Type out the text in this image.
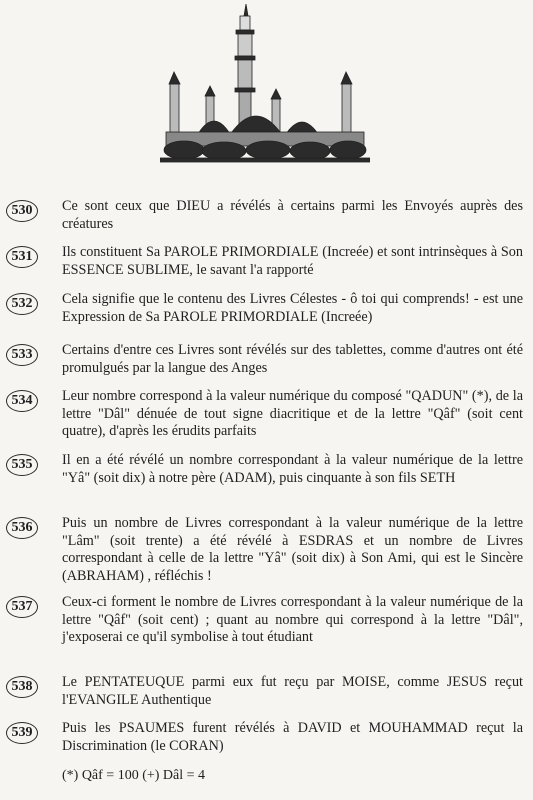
530	Ce sont ceux que DIEU a révélés à certains parmi les Envoyés auprès des créatures
531	Ils constituent Sa PAROLE PRIMORDIALE (Increée) et sont intrinsèques à Son ESSENCE SUBLIME, le savant l'a rapporté
532	Cela signifie que le contenu des Livres Célestes - ô toi qui comprends! - est une Expression de Sa PAROLE PRIMORDIALE (Increée)
533	Certains d'entre ces Livres sont révélés sur des tablettes, comme d'autres ont été promulgués par la langue des Anges
534	Leur nombre correspond à la valeur numérique du composé "QADUN" (*), de la lettre "Dâl" dénuée de tout signe diacritique et de la lettre "Qâf" (soit cent quatre), d'après les érudits parfaits
535	Il en a été révélé un nombre correspondant à la valeur numérique de la lettre "Yâ" (soit dix) à notre père (ADAM), puis cinquante à son fils SETH
536	Puis un nombre de Livres correspondant à la valeur numérique de la lettre "Lâm" (soit trente) a été révélé à ESDRAS et un nombre de Livres correspondant à celle de la lettre "Yâ" (soit dix) à Son Ami, qui est le Sincère (ABRAHAM) , réfléchis !
537	Ceux-ci forment le nombre de Livres correspondant à la valeur numérique de la lettre "Qâf" (soit cent) ; quant au nombre qui correspond à la lettre "Dâl", j'exposerai ce qu'il symbolise à tout étudiant
538	Le PENTATEUQUE parmi eux fut reçu par MOISE, comme JESUS reçut l'EVANGILE Authentique
539	Puis les PSAUMES furent révélés à DAVID et MOUHAMMAD reçut la Discrimination (le CORAN)
(*) Qâf = 100 (+) Dâl = 4
